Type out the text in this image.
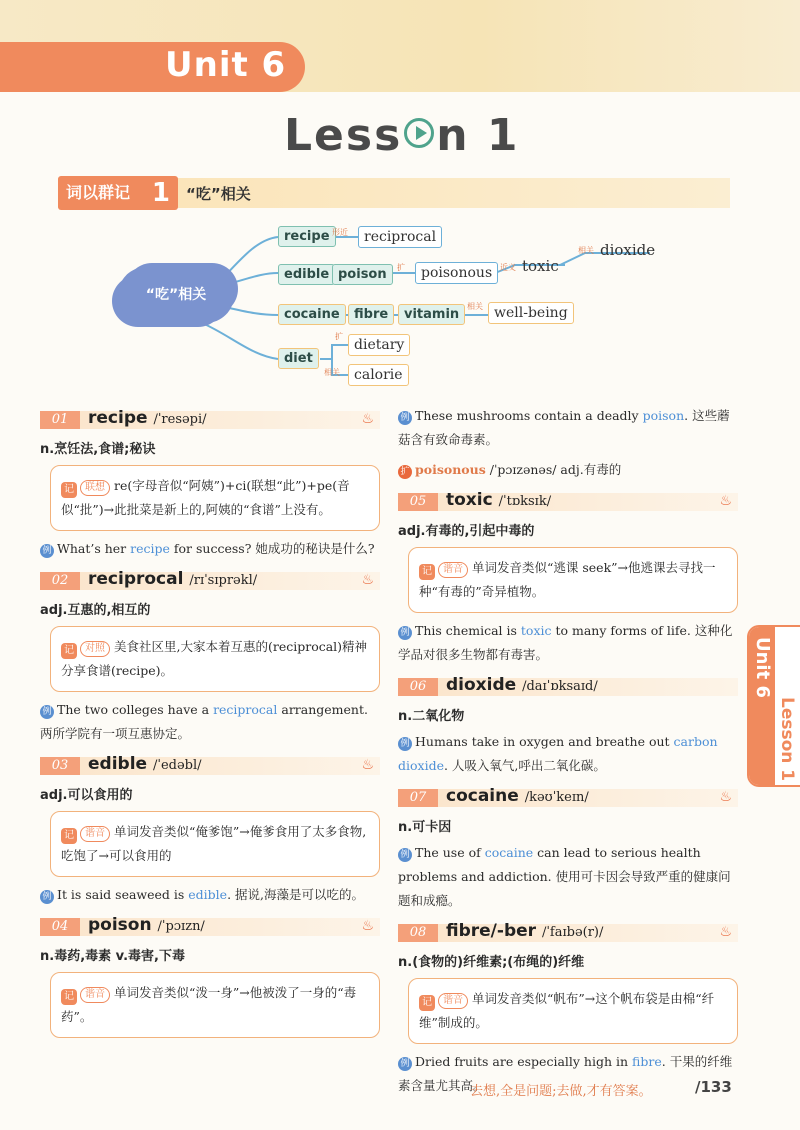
Unit 6
Less n 1
词以群记 1 “吃”相关
“吃”相关
recipe 形近	reciprocal
edible poison	扩	poisonous 近义 toxic
相关 dioxide
cocaine	fibre	vitamin
相关 well-being
diet
扩
dietary
相关	calorie
01	recipe /ˈresəpi/	♨
n.烹饪法,食谱;秘诀
记 联想 re(字母音似“阿姨”)+ci(联想“此”)+pe(音似“批”)→此批菜是新上的,阿姨的“食谱”上没有。
例 What’s her recipe for success? 她成功的秘诀是什么?
02	reciprocal /rɪˈsɪprəkl/	♨
adj.互惠的,相互的
记 对照 美食社区里,大家本着互惠的(reciprocal)精神分享食谱(recipe)。
例 The two colleges have a reciprocal arrangement. 两所学院有一项互惠协定。
03	edible /ˈedəbl/	♨
adj.可以食用的
记 谐音 单词发音类似“俺爹饱”→俺爹食用了太多食物,吃饱了→可以食用的
例 It is said seaweed is edible. 据说,海藻是可以吃的。
04	poison /ˈpɔɪzn/	♨
n.毒药,毒素 v.毒害,下毒
记 谐音 单词发音类似“泼一身”→他被泼了一身的“毒药”。
例 These mushrooms contain a deadly poison. 这些蘑菇含有致命毒素。
扩 poisonous /ˈpɔɪzənəs/ adj.有毒的
05	toxic /ˈtɒksɪk/	♨
adj.有毒的,引起中毒的
记 谐音 单词发音类似“逃课 seek”→他逃课去寻找一种“有毒的”奇异植物。
例 This chemical is toxic to many forms of life. 这种化学品对很多生物都有毒害。
06	dioxide /daɪˈɒksaɪd/
n.二氧化物
例 Humans take in oxygen and breathe out carbon dioxide. 人吸入氧气,呼出二氧化碳。
07	cocaine /kəʊˈkeɪn/	♨
n.可卡因
例 The use of cocaine can lead to serious health problems and addiction. 使用可卡因会导致严重的健康问题和成瘾。
08	fibre/-ber /ˈfaɪbə(r)/	♨
n.(食物的)纤维素;(布绳的)纤维
记 谐音 单词发音类似“帆布”→这个帆布袋是由棉“纤维”制成的。
例 Dried fruits are especially high in fibre. 干果的纤维素含量尤其高。
Unit 6
Lesson 1
去想,全是问题;去做,才有答案。	/133
